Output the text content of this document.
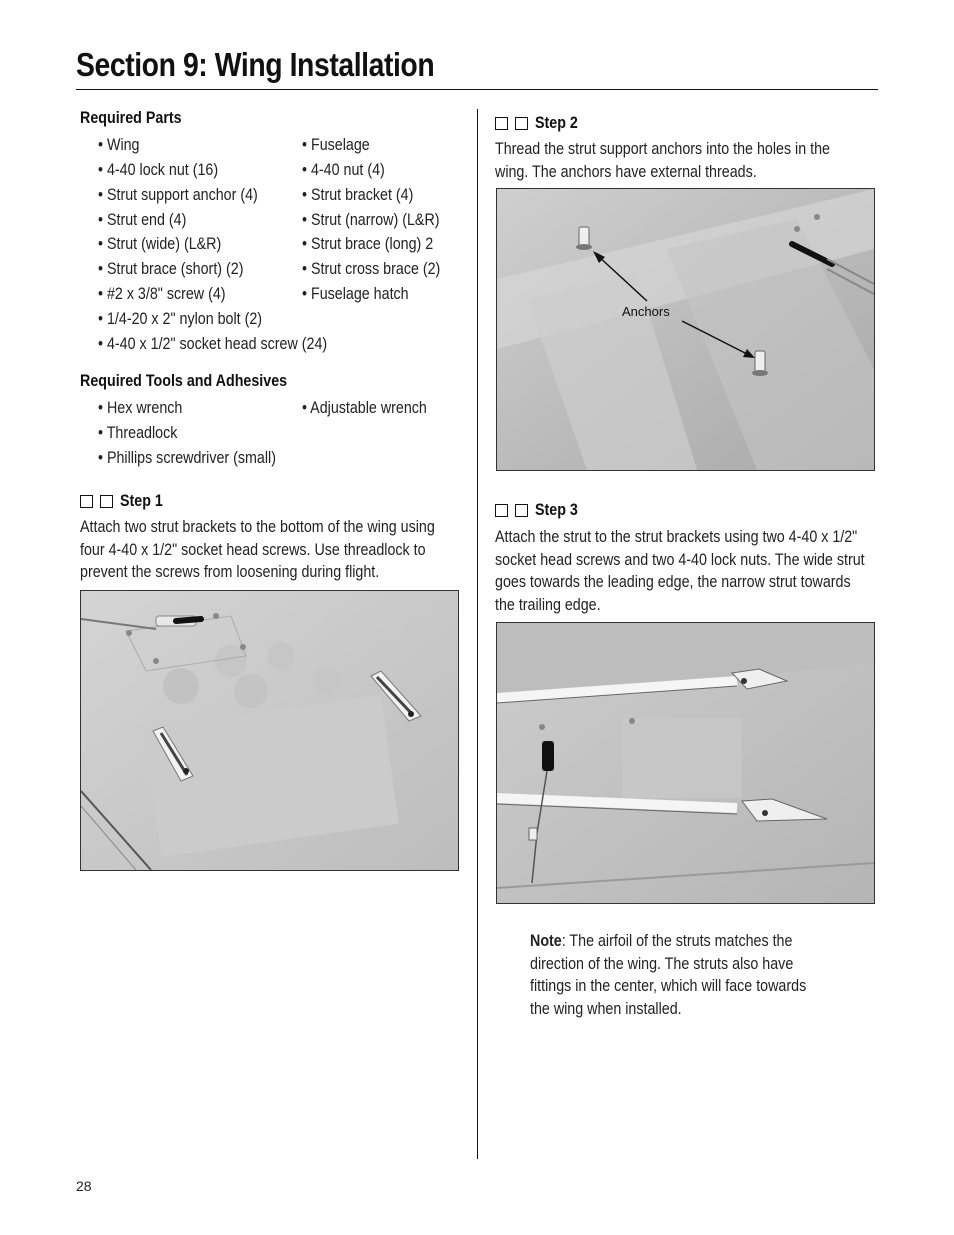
Section 9: Wing Installation
Required Parts
• Wing
• 4-40 lock nut (16)
• Strut support anchor (4)
• Strut end (4)
• Strut (wide) (L&R)
• Strut brace (short) (2)
• #2 x 3/8" screw (4)
• 1/4-20 x 2" nylon bolt (2)
• 4-40 x 1/2" socket head screw (24)
• Fuselage
• 4-40 nut (4)
• Strut bracket (4)
• Strut (narrow) (L&R)
• Strut brace (long) 2
• Strut cross brace (2)
• Fuselage hatch
Required Tools and Adhesives
• Hex wrench
• Threadlock
• Phillips screwdriver (small)
• Adjustable wrench
Step 1
Attach two strut brackets to the bottom of the wing using
four 4-40 x 1/2" socket head screws. Use threadlock to
prevent the screws from loosening during flight.
Step 2
Thread the strut support anchors into the holes in the
wing. The anchors have external threads.
Anchors
Step 3
Attach the strut to the strut brackets using two 4-40 x 1/2"
socket head screws and two 4-40 lock nuts. The wide strut
goes towards the leading edge, the narrow strut towards
the trailing edge.
Note: The airfoil of the struts matches the
direction of the wing. The struts also have
fittings in the center, which will face towards
the wing when installed.
28
